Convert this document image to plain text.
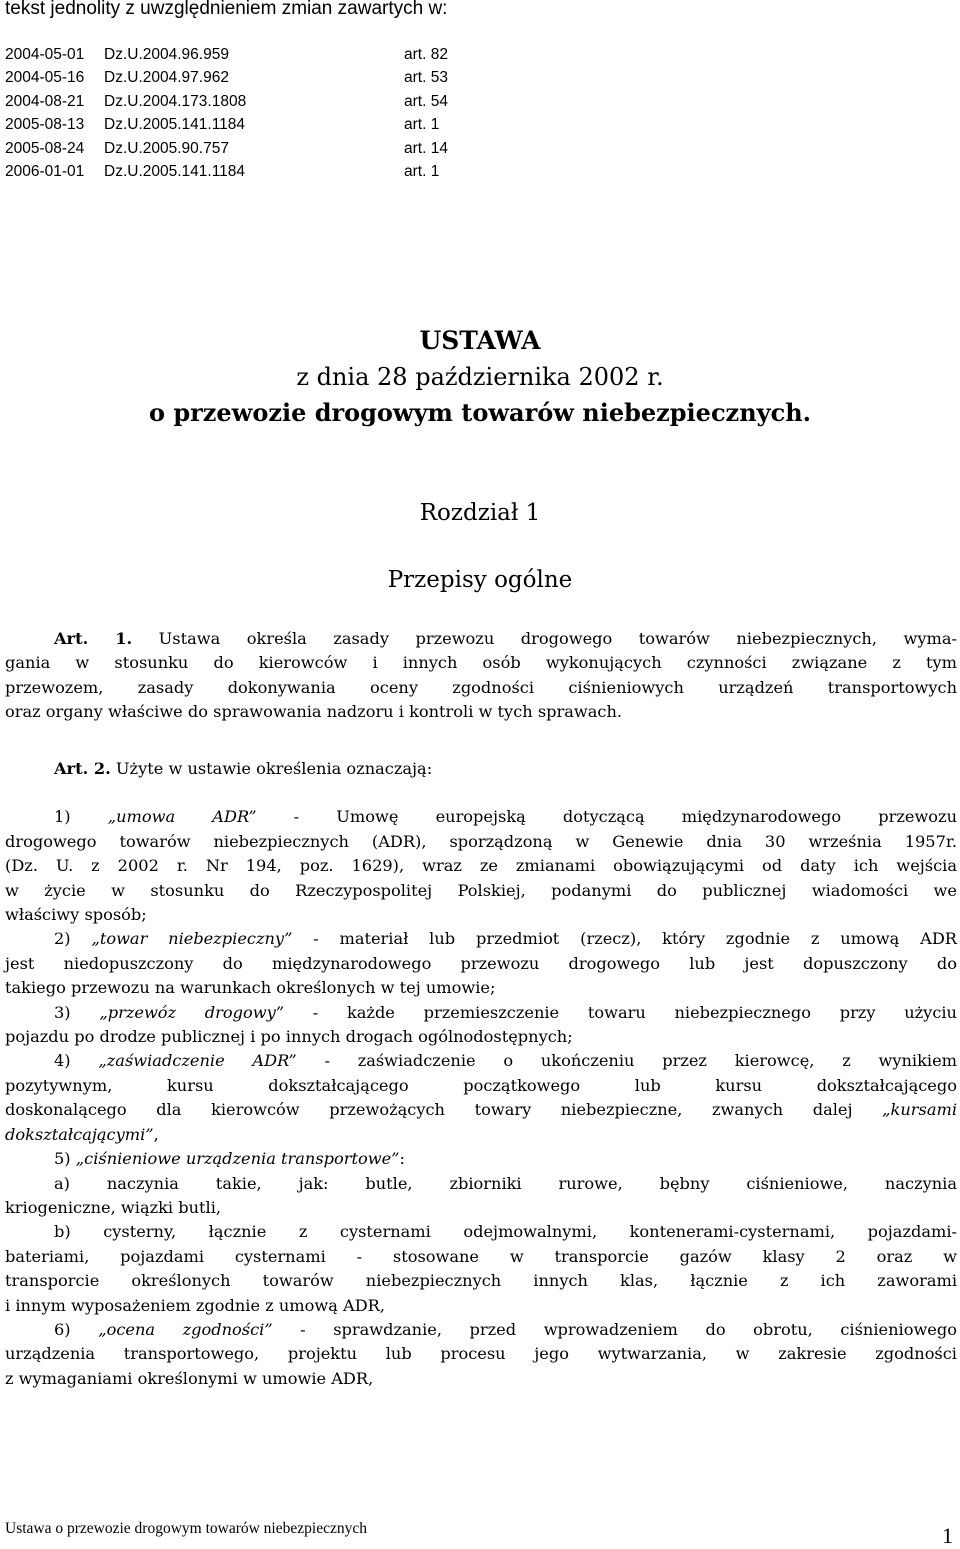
tekst jednolity z uwzględnieniem zmian zawartych w:
2004-05-01 Dz.U.2004.96.959	art. 82
2004-05-16 Dz.U.2004.97.962	art. 53
2004-08-21 Dz.U.2004.173.1808	art. 54
2005-08-13 Dz.U.2005.141.1184	art. 1
2005-08-24 Dz.U.2005.90.757	art. 14
2006-01-01 Dz.U.2005.141.1184	art. 1
USTAWA
z dnia 28 października 2002 r.
o przewozie drogowym towarów niebezpiecznych.
Rozdział 1
Przepisy ogólne

Art. 1. Ustawa określa zasady przewozu drogowego towarów niebezpiecznych, wyma-

gania w stosunku do kierowców i innych osób wykonujących czynności związane z tym

przewozem, zasady dokonywania oceny zgodności ciśnieniowych urządzeń transportowych

oraz organy właściwe do sprawowania nadzoru i kontroli w tych sprawach.

Art. 2. Użyte w ustawie określenia oznaczają:

1) „umowa ADR” - Umowę europejską dotyczącą międzynarodowego przewozu

drogowego towarów niebezpiecznych (ADR), sporządzoną w Genewie dnia 30 września 1957r.

(Dz. U. z 2002 r. Nr 194, poz. 1629), wraz ze zmianami obowiązującymi od daty ich wejścia

w życie w stosunku do Rzeczypospolitej Polskiej, podanymi do publicznej wiadomości we

właściwy sposób;

2) „towar niebezpieczny” - materiał lub przedmiot (rzecz), który zgodnie z umową ADR

jest niedopuszczony do międzynarodowego przewozu drogowego lub jest dopuszczony do

takiego przewozu na warunkach określonych w tej umowie;

3) „przewóz drogowy” - każde przemieszczenie towaru niebezpiecznego przy użyciu

pojazdu po drodze publicznej i po innych drogach ogólnodostępnych;

4) „zaświadczenie ADR” - zaświadczenie o ukończeniu przez kierowcę, z wynikiem

pozytywnym, kursu dokształcającego początkowego lub kursu dokształcającego

doskonalącego dla kierowców przewożących towary niebezpieczne, zwanych dalej „kursami

dokształcającymi”,

5) „ciśnieniowe urządzenia transportowe”:

a) naczynia takie, jak: butle, zbiorniki rurowe, bębny ciśnieniowe, naczynia

kriogeniczne, wiązki butli,

b) cysterny, łącznie z cysternami odejmowalnymi, kontenerami-cysternami, pojazdami-

bateriami, pojazdami cysternami - stosowane w transporcie gazów klasy 2 oraz w

transporcie określonych towarów niebezpiecznych innych klas, łącznie z ich zaworami

i innym wyposażeniem zgodnie z umową ADR,

6) „ocena zgodności” - sprawdzanie, przed wprowadzeniem do obrotu, ciśnieniowego

urządzenia transportowego, projektu lub procesu jego wytwarzania, w zakresie zgodności

z wymaganiami określonymi w umowie ADR,

Ustawa o przewozie drogowym towarów niebezpiecznych	1
